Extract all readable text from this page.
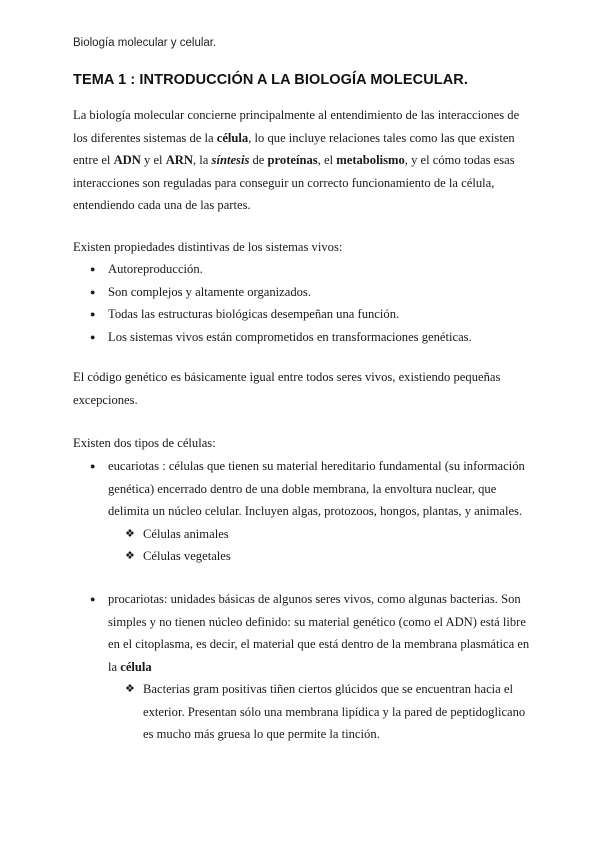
Biología molecular y celular.
TEMA 1 : INTRODUCCIÓN A LA BIOLOGÍA MOLECULAR.
La biología molecular concierne principalmente al entendimiento de las interacciones de los diferentes sistemas de la célula, lo que incluye relaciones tales como las que existen entre el ADN y el ARN, la síntesis de proteínas, el metabolismo, y el cómo todas esas interacciones son reguladas para conseguir un correcto funcionamiento de la célula, entendiendo cada una de las partes.
Existen propiedades distintivas de los sistemas vivos:
● Autoreproducción.
● Son complejos y altamente organizados.
● Todas las estructuras biológicas desempeñan una función.
● Los sistemas vivos están comprometidos en transformaciones genéticas.
El código genético es básicamente igual entre todos seres vivos, existiendo pequeñas excepciones.
Existen dos tipos de células:
● eucariotas : células que tienen su material hereditario fundamental (su información genética) encerrado dentro de una doble membrana, la envoltura nuclear, que delimita un núcleo celular. Incluyen algas, protozoos, hongos, plantas, y animales.
❖ Células animales
❖ Células vegetales
● procariotas: unidades básicas de algunos seres vivos, como algunas bacterias. Son simples y no tienen núcleo definido: su material genético (como el ADN) está libre en el citoplasma, es decir, el material que está dentro de la membrana plasmática en la célula
❖ Bacterias gram positivas tiñen ciertos glúcidos que se encuentran hacia el exterior. Presentan sólo una membrana lipídica y la pared de peptidoglicano es mucho más gruesa lo que permite la tinción.
